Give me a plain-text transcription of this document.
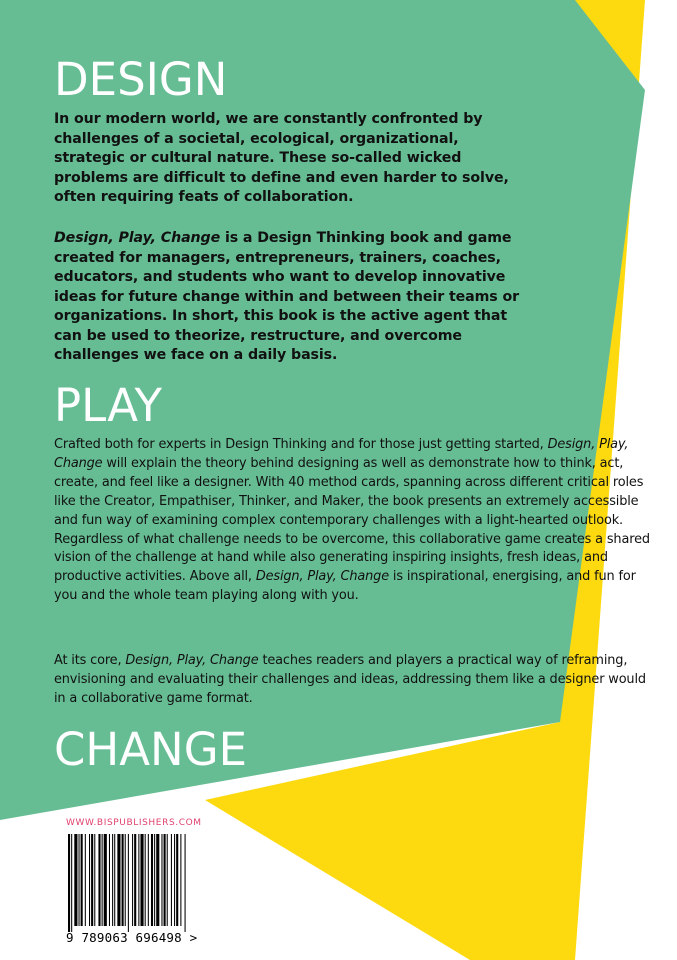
DESIGN

In our modern world, we are constantly confronted by challenges of a societal, ecological, organizational, strategic or cultural nature. These so-called wicked problems are difficult to define and even harder to solve, often requiring feats of collaboration.

Design, Play, Change is a Design Thinking book and game created for managers, entrepreneurs, trainers, coaches, educators, and students who want to develop innovative ideas for future change within and between their teams or organizations. In short, this book is the active agent that can be used to theorize, restructure, and overcome challenges we face on a daily basis.

PLAY

Crafted both for experts in Design Thinking and for those just getting started, Design, Play, Change will explain the theory behind designing as well as demonstrate how to think, act, create, and feel like a designer. With 40 method cards, spanning across different critical roles like the Creator, Empathiser, Thinker, and Maker, the book presents an extremely accessible and fun way of examining complex contemporary challenges with a light-hearted outlook. Regardless of what challenge needs to be overcome, this collaborative game creates a shared vision of the challenge at hand while also generating inspiring insights, fresh ideas, and productive activities. Above all, Design, Play, Change is inspirational, energising, and fun for you and the whole team playing along with you.

At its core, Design, Play, Change teaches readers and players a practical way of reframing, envisioning and evaluating their challenges and ideas, addressing them like a designer would in a collaborative game format.

CHANGE

WWW.BISPUBLISHERS.COM

9 789063 696498 >
